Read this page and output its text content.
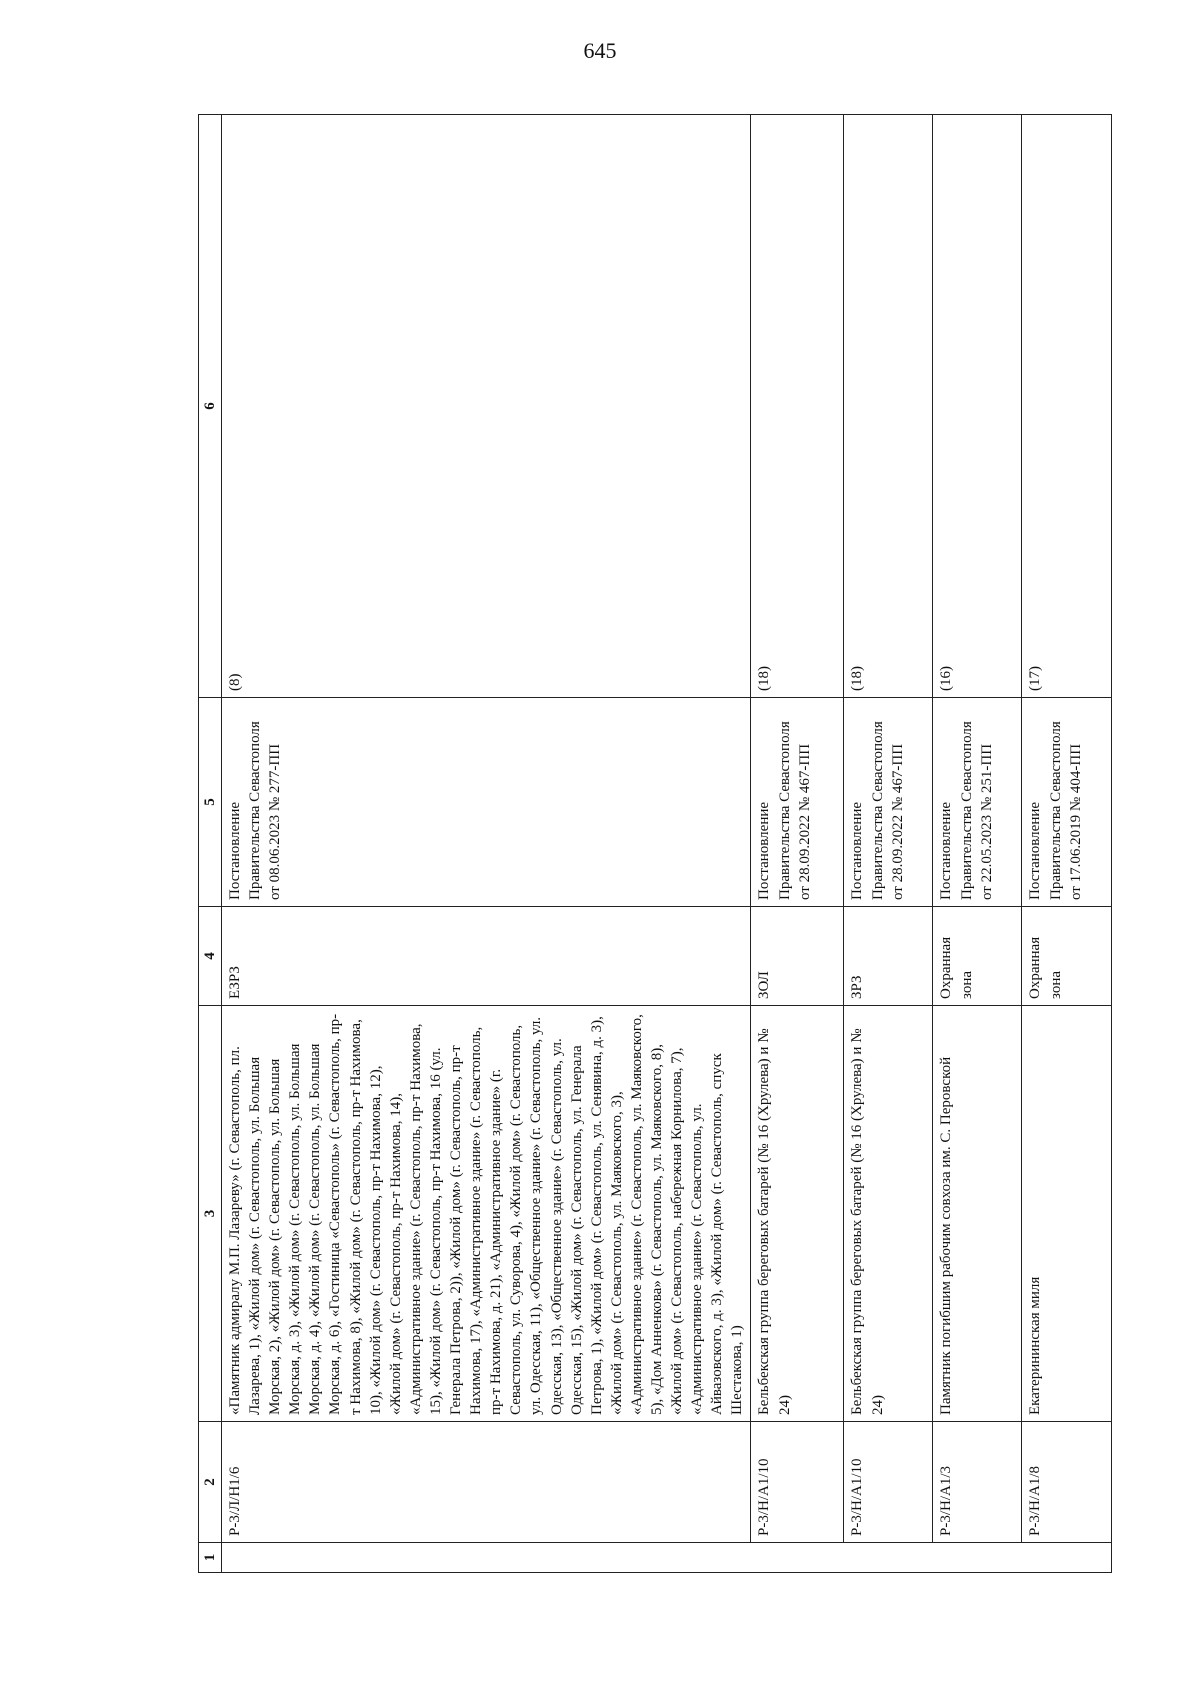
645
1	2	3	4	5	6
	Р-3/Л/Н1/6	«Памятник адмиралу М.П. Лазареву» (г. Севастополь, пл. Лазарева, 1), «Жилой дом» (г. Севастополь, ул. Большая Морская, 2), «Жилой дом» (г. Севастополь, ул. Большая Морская, д. 3), «Жилой дом» (г. Севастополь, ул. Большая Морская, д. 4), «Жилой дом» (г. Севастополь, ул. Большая Морская, д. 6), «Гостиница «Севастополь» (г. Севастополь, пр-т Нахимова, 8), «Жилой дом» (г. Севастополь, пр-т Нахимова, 10), «Жилой дом» (г. Севастополь, пр-т Нахимова, 12), «Жилой дом» (г. Севастополь, пр-т Нахимова, 14), «Административное здание» (г. Севастополь, пр-т Нахимова, 15), «Жилой дом» (г. Севастополь, пр-т Нахимова, 16 (ул. Генерала Петрова, 2)), «Жилой дом» (г. Севастополь, пр-т Нахимова, 17), «Административное здание» (г. Севастополь, пр-т Нахимова, д. 21), «Административное здание» (г. Севастополь, ул. Суворова, 4), «Жилой дом» (г. Севастополь, ул. Одесская, 11), «Общественное здание» (г. Севастополь, ул. Одесская, 13), «Общественное здание» (г. Севастополь, ул. Одесская, 15), «Жилой дом» (г. Севастополь, ул. Генерала Петрова, 1), «Жилой дом» (г. Севастополь, ул. Сенявина, д. 3), «Жилой дом» (г. Севастополь, ул. Маяковского, 3), «Административное здание» (г. Севастополь, ул. Маяковского, 5), «Дом Анненкова» (г. Севастополь, ул. Маяковского, 8), «Жилой дом» (г. Севастополь, набережная Корнилова, 7), «Административное здание» (г. Севастополь, ул. Айвазовского, д. 3), «Жилой дом» (г. Севастополь, спуск Шестакова, 1)	ЕЗРЗ	Постановление Правительства Севастополя от 08.06.2023 № 277-ПП	(8)
	Р-3/Н/А1/10	Бельбекская группа береговых батарей (№ 16 (Хрулева) и № 24)	ЗОЛ	Постановление Правительства Севастополя от 28.09.2022 № 467-ПП	(18)
	Р-3/Н/А1/10	Бельбекская группа береговых батарей (№ 16 (Хрулева) и № 24)	ЗРЗ	Постановление Правительства Севастополя от 28.09.2022 № 467-ПП	(18)
	Р-3/Н/А1/3	Памятник погибшим рабочим совхоза им. С. Перовской	Охранная зона	Постановление Правительства Севастополя от 22.05.2023 № 251-ПП	(16)
	Р-3/Н/А1/8	Екатерининская миля	Охранная зона	Постановление Правительства Севастополя от 17.06.2019 № 404-ПП	(17)
